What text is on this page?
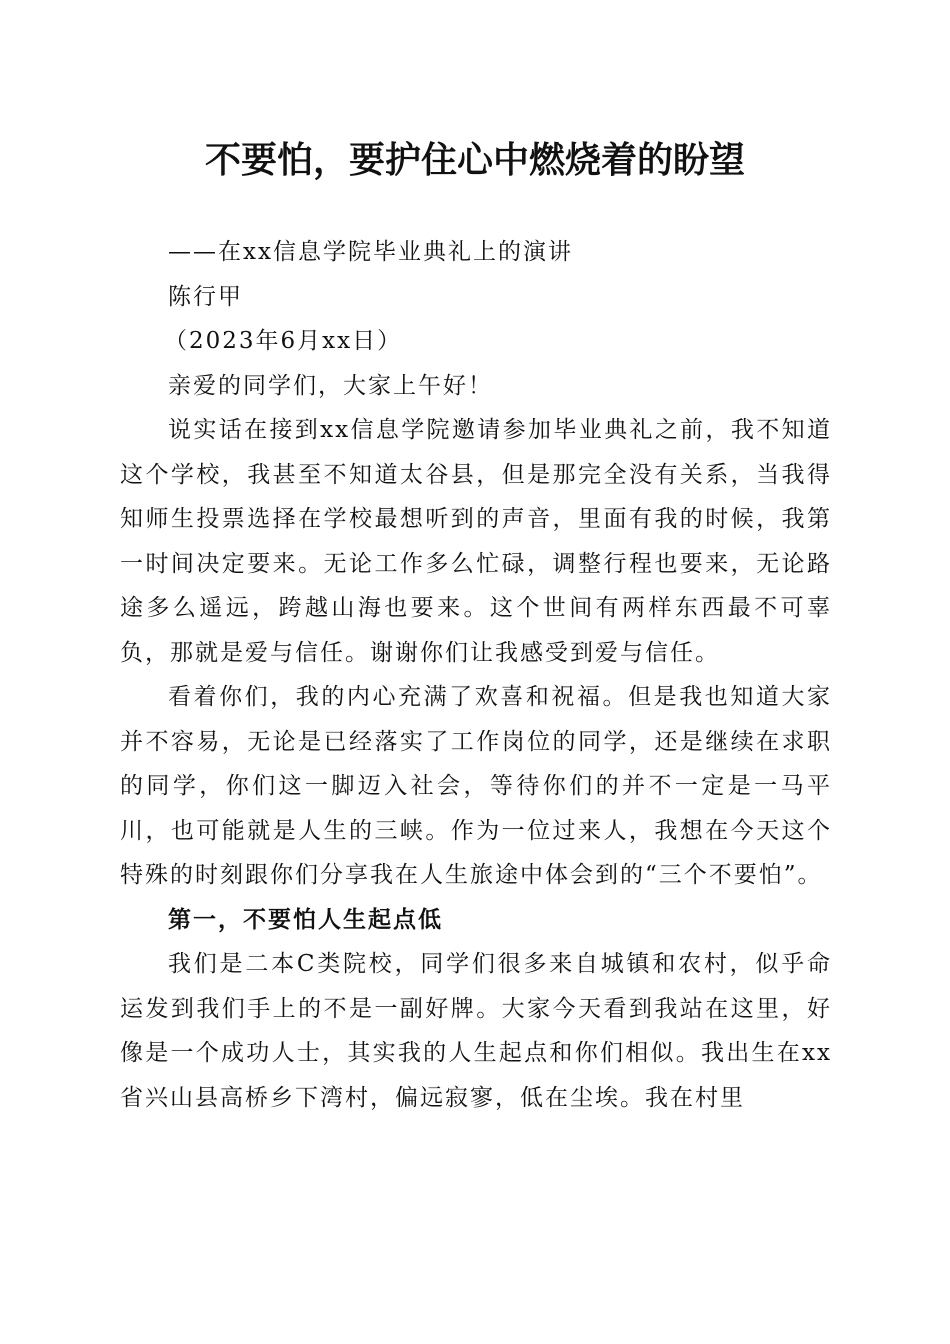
不要怕，要护住心中燃烧着的盼望

——在xx信息学院毕业典礼上的演讲

陈行甲

（2023年6月xx日）

亲爱的同学们，大家上午好！

说实话在接到xx信息学院邀请参加毕业典礼之前，我不知道这个学校，我甚至不知道太谷县，但是那完全没有关系，当我得知师生投票选择在学校最想听到的声音，里面有我的时候，我第一时间决定要来。无论工作多么忙碌，调整行程也要来，无论路途多么遥远，跨越山海也要来。这个世间有两样东西最不可辜负，那就是爱与信任。谢谢你们让我感受到爱与信任。

看着你们，我的内心充满了欢喜和祝福。但是我也知道大家并不容易，无论是已经落实了工作岗位的同学，还是继续在求职的同学，你们这一脚迈入社会，等待你们的并不一定是一马平川，也可能就是人生的三峡。作为一位过来人，我想在今天这个特殊的时刻跟你们分享我在人生旅途中体会到的“三个不要怕”。

第一，不要怕人生起点低

我们是二本C类院校，同学们很多来自城镇和农村，似乎命运发到我们手上的不是一副好牌。大家今天看到我站在这里，好像是一个成功人士，其实我的人生起点和你们相似。我出生在xx省兴山县高桥乡下湾村，偏远寂寥，低在尘埃。我在村里
